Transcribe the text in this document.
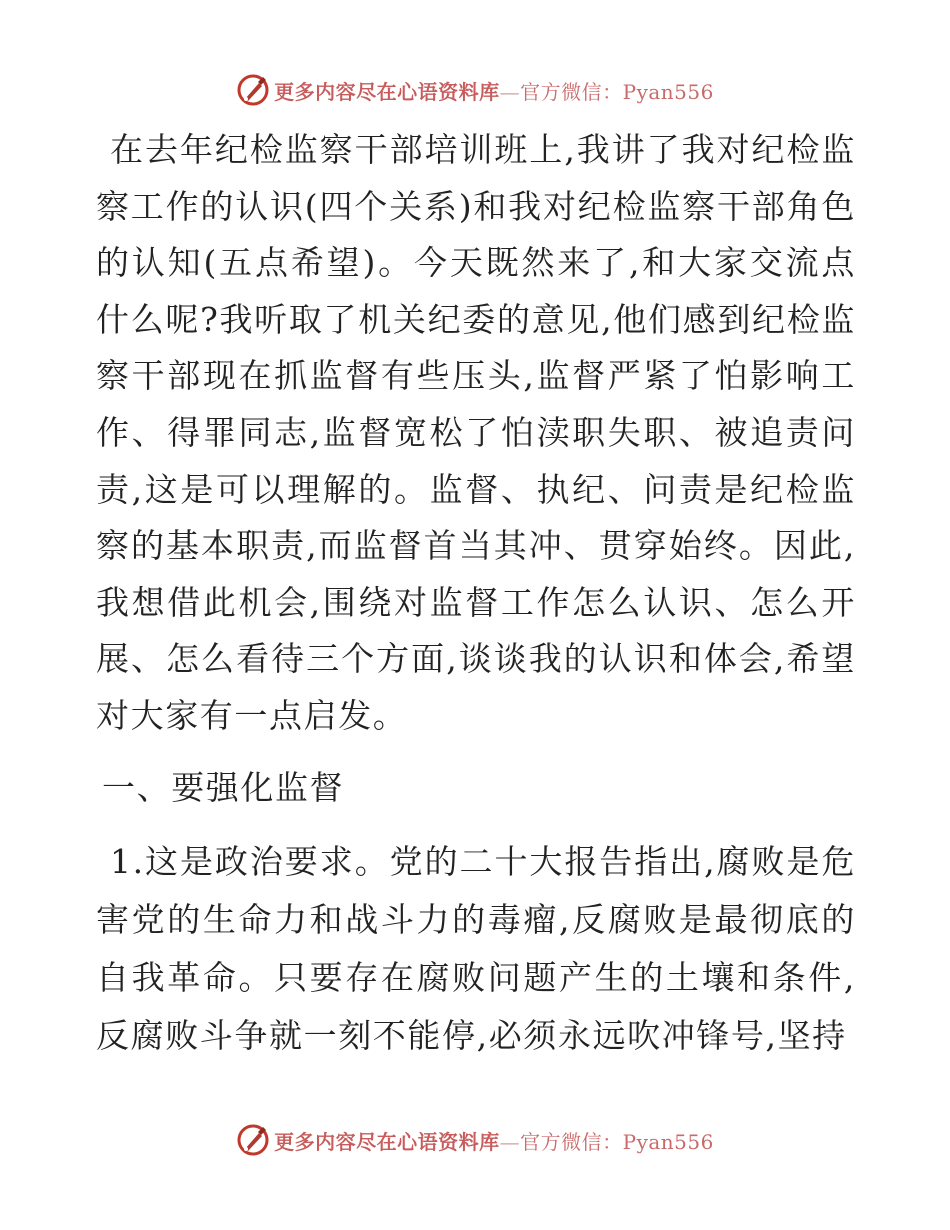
更多内容尽在心语资料库—官方微信：Pyan556

在去年纪检监察干部培训班上,我讲了我对纪检监察工作的认识(四个关系)和我对纪检监察干部角色的认知(五点希望)。今天既然来了,和大家交流点什么呢?我听取了机关纪委的意见,他们感到纪检监察干部现在抓监督有些压头,监督严紧了怕影响工作、得罪同志,监督宽松了怕渎职失职、被追责问责,这是可以理解的。监督、执纪、问责是纪检监察的基本职责,而监督首当其冲、贯穿始终。因此,我想借此机会,围绕对监督工作怎么认识、怎么开展、怎么看待三个方面,谈谈我的认识和体会,希望对大家有一点启发。

一、要强化监督

1.这是政治要求。党的二十大报告指出,腐败是危害党的生命力和战斗力的毒瘤,反腐败是最彻底的自我革命。只要存在腐败问题产生的土壤和条件,反腐败斗争就一刻不能停,必须永远吹冲锋号,坚持

更多内容尽在心语资料库—官方微信：Pyan556
